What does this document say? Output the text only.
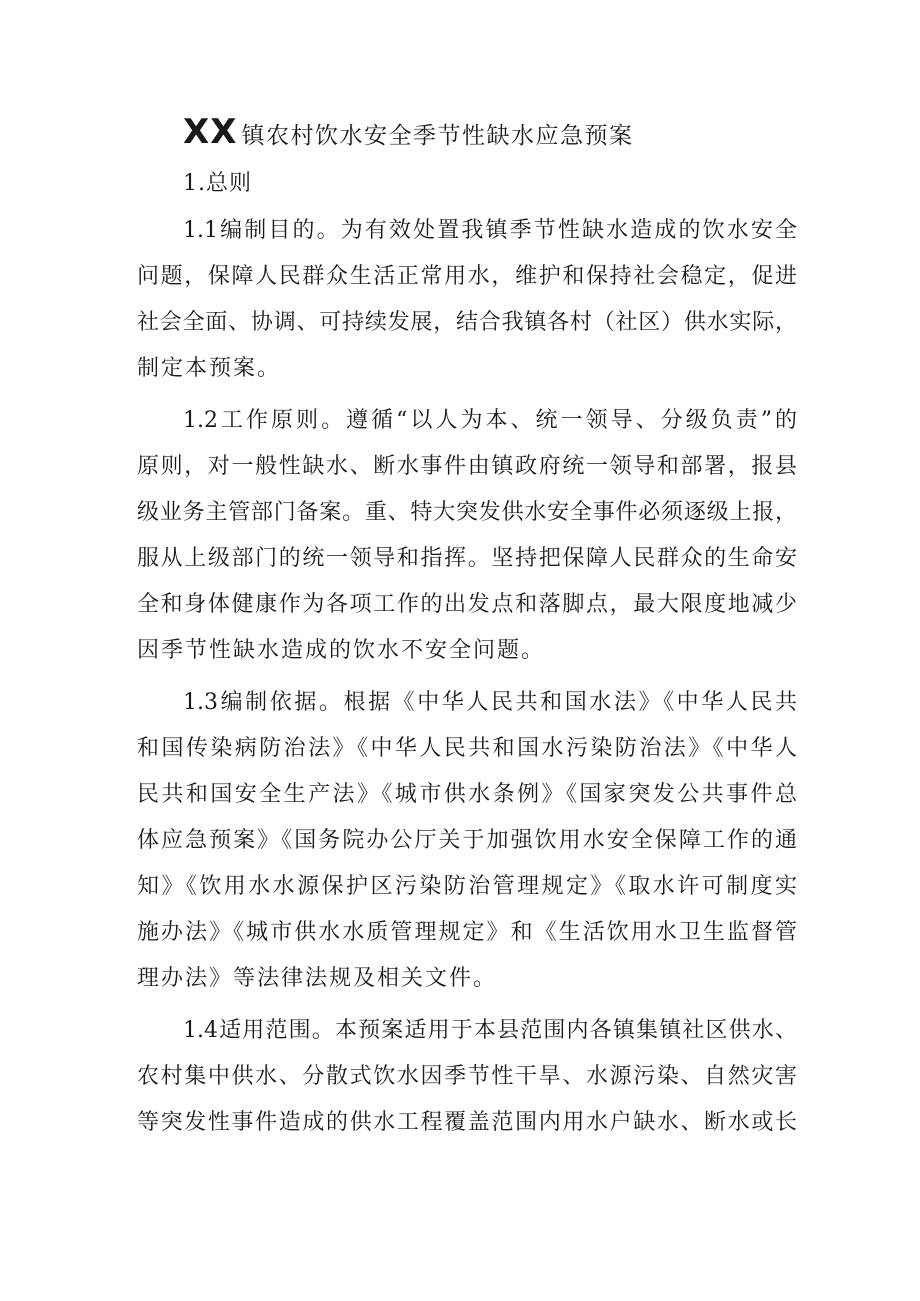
XX 镇农村饮水安全季节性缺水应急预案
1.总则
1.1编制目的。为有效处置我镇季节性缺水造成的饮水安全
问题，保障人民群众生活正常用水，维护和保持社会稳定，促进
社会全面、协调、可持续发展，结合我镇各村（社区）供水实际，
制定本预案。
1.2工作原则。遵循“以人为本、统一领导、分级负责”的
原则，对一般性缺水、断水事件由镇政府统一领导和部署，报县
级业务主管部门备案。重、特大突发供水安全事件必须逐级上报，
服从上级部门的统一领导和指挥。坚持把保障人民群众的生命安
全和身体健康作为各项工作的出发点和落脚点，最大限度地减少
因季节性缺水造成的饮水不安全问题。
1.3编制依据。根据《中华人民共和国水法》《中华人民共
和国传染病防治法》《中华人民共和国水污染防治法》《中华人
民共和国安全生产法》《城市供水条例》《国家突发公共事件总
体应急预案》《国务院办公厅关于加强饮用水安全保障工作的通
知》《饮用水水源保护区污染防治管理规定》《取水许可制度实
施办法》《城市供水水质管理规定》和《生活饮用水卫生监督管
理办法》等法律法规及相关文件。
1.4适用范围。本预案适用于本县范围内各镇集镇社区供水、
农村集中供水、分散式饮水因季节性干旱、水源污染、自然灾害
等突发性事件造成的供水工程覆盖范围内用水户缺水、断水或长
